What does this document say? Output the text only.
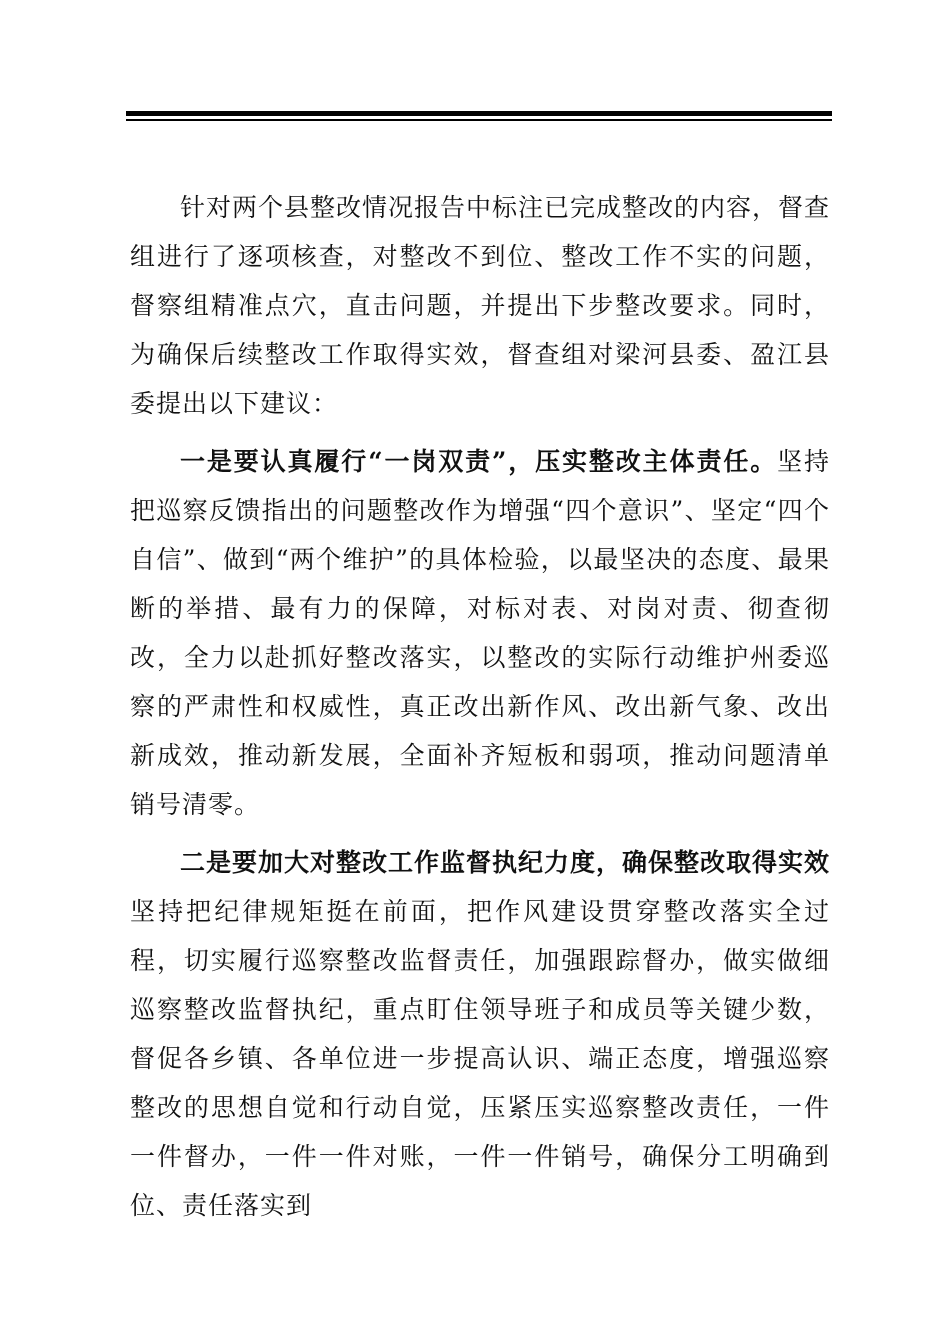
针对两个县整改情况报告中标注已完成整改的内容，督查组进行了逐项核查，对整改不到位、整改工作不实的问题，督察组精准点穴，直击问题，并提出下步整改要求。同时，为确保后续整改工作取得实效，督查组对梁河县委、盈江县委提出以下建议：

一是要认真履行“一岗双责”，压实整改主体责任。坚持把巡察反馈指出的问题整改作为增强“四个意识”、坚定“四个自信”、做到“两个维护”的具体检验，以最坚决的态度、最果断的举措、最有力的保障，对标对表、对岗对责、彻查彻改，全力以赴抓好整改落实，以整改的实际行动维护州委巡察的严肃性和权威性，真正改出新作风、改出新气象、改出新成效，推动新发展，全面补齐短板和弱项，推动问题清单销号清零。

二是要加大对整改工作监督执纪力度，确保整改取得实效坚持把纪律规矩挺在前面，把作风建设贯穿整改落实全过程，切实履行巡察整改监督责任，加强跟踪督办，做实做细巡察整改监督执纪，重点盯住领导班子和成员等关键少数，督促各乡镇、各单位进一步提高认识、端正态度，增强巡察整改的思想自觉和行动自觉，压紧压实巡察整改责任，一件一件督办，一件一件对账，一件一件销号，确保分工明确到位、责任落实到
